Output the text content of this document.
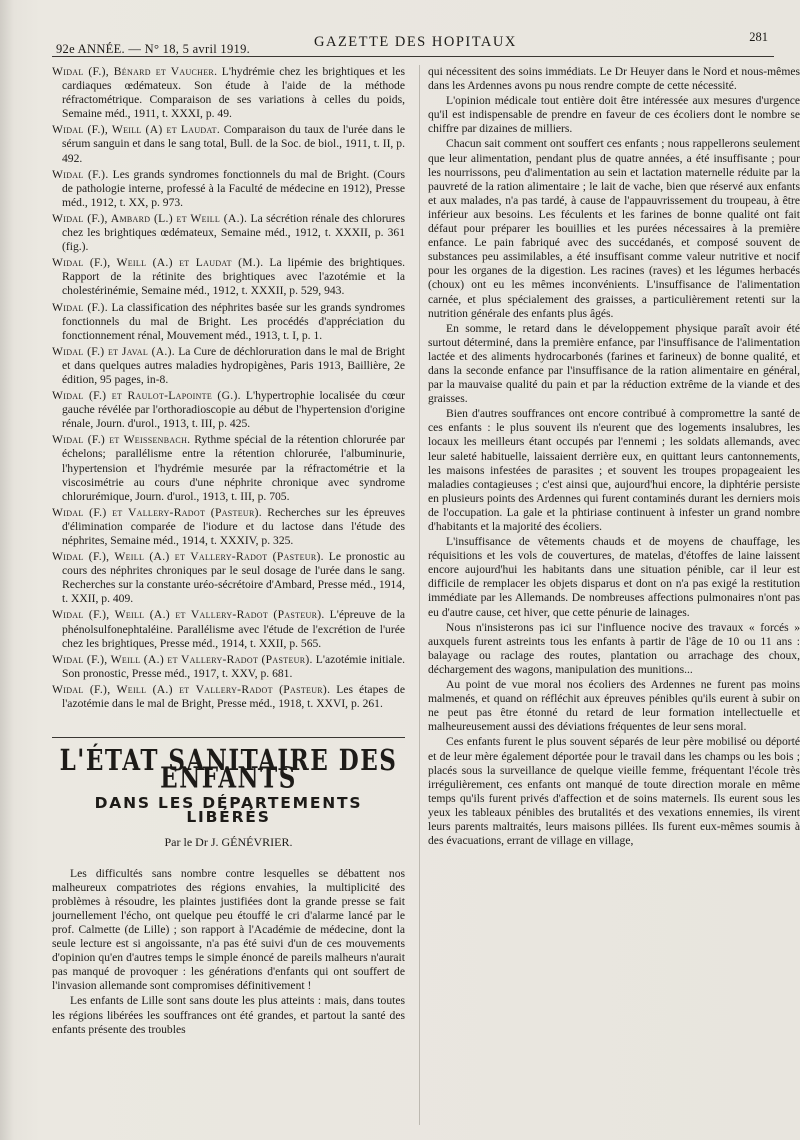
92e ANNÉE. — N° 18, 5 avril 1919.	GAZETTE DES HOPITAUX	281

Widal (F.), Bénard et Vaucher. L'hydrémie chez les brightiques et les cardiaques œdémateux. Son étude à l'aide de la méthode réfractométrique. Comparaison de ses variations à celles du poids, Semaine méd., 1911, t. XXXI, p. 49.

Widal (F.), Weill (A) et Laudat. Comparaison du taux de l'urée dans le sérum sanguin et dans le sang total, Bull. de la Soc. de biol., 1911, t. II, p. 492.

Widal (F.). Les grands syndromes fonctionnels du mal de Bright. (Cours de pathologie interne, professé à la Faculté de médecine en 1912), Presse méd., 1912, t. XX, p. 973.

Widal (F.), Ambard (L.) et Weill (A.). La sécrétion rénale des chlorures chez les brightiques œdémateux, Semaine méd., 1912, t. XXXII, p. 361 (fig.).

Widal (F.), Weill (A.) et Laudat (M.). La lipémie des brightiques. Rapport de la rétinite des brightiques avec l'azotémie et la cholestérinémie, Semaine méd., 1912, t. XXXII, p. 529, 943.

Widal (F.). La classification des néphrites basée sur les grands syndromes fonctionnels du mal de Bright. Les procédés d'appréciation du fonctionnement rénal, Mouvement méd., 1913, t. I, p. 1.

Widal (F.) et Javal (A.). La Cure de déchloruration dans le mal de Bright et dans quelques autres maladies hydropigènes, Paris 1913, Baillière, 2e édition, 95 pages, in-8.

Widal (F.) et Raulot-Lapointe (G.). L'hypertrophie localisée du cœur gauche révélée par l'orthoradioscopie au début de l'hypertension d'origine rénale, Journ. d'urol., 1913, t. III, p. 425.

Widal (F.) et Weissenbach. Rythme spécial de la rétention chlorurée par échelons; parallélisme entre la rétention chlorurée, l'albuminurie, l'hypertension et l'hydrémie mesurée par la réfractométrie et la viscosimétrie au cours d'une néphrite chronique avec syndrome chlorurémique, Journ. d'urol., 1913, t. III, p. 705.

Widal (F.) et Vallery-Radot (Pasteur). Recherches sur les épreuves d'élimination comparée de l'iodure et du lactose dans l'étude des néphrites, Semaine méd., 1914, t. XXXIV, p. 325.

Widal (F.), Weill (A.) et Vallery-Radot (Pasteur). Le pronostic au cours des néphrites chroniques par le seul dosage de l'urée dans le sang. Recherches sur la constante uréo-sécrétoire d'Ambard, Presse méd., 1914, t. XXII, p. 409.

Widal (F.), Weill (A.) et Vallery-Radot (Pasteur). L'épreuve de la phénolsulfonephtaléine. Parallélisme avec l'étude de l'excrétion de l'urée chez les brightiques, Presse méd., 1914, t. XXII, p. 565.

Widal (F.), Weill (A.) et Vallery-Radot (Pasteur). L'azotémie initiale. Son pronostic, Presse méd., 1917, t. XXV, p. 681.

Widal (F.), Weill (A.) et Vallery-Radot (Pasteur). Les étapes de l'azotémie dans le mal de Bright, Presse méd., 1918, t. XXVI, p. 261.

L'ÉTAT SANITAIRE DES ENFANTS
DANS LES DÉPARTEMENTS LIBÉRÉS
Par le Dr J. GÉNÉVRIER.

Les difficultés sans nombre contre lesquelles se débattent nos malheureux compatriotes des régions envahies, la multiplicité des problèmes à résoudre, les plaintes justifiées dont la grande presse se fait journellement l'écho, ont quelque peu étouffé le cri d'alarme lancé par le prof. Calmette (de Lille) ; son rapport à l'Académie de médecine, dont la seule lecture est si angoissante, n'a pas été suivi d'un de ces mouvements d'opinion qu'en d'autres temps le simple énoncé de pareils malheurs n'aurait pas manqué de provoquer : les générations d'enfants qui ont souffert de l'invasion allemande sont compromises définitivement !

Les enfants de Lille sont sans doute les plus atteints : mais, dans toutes les régions libérées les souffrances ont été grandes, et partout la santé des enfants présente des troubles

qui nécessitent des soins immédiats. Le Dr Heuyer dans le Nord et nous-mêmes dans les Ardennes avons pu nous rendre compte de cette nécessité.

L'opinion médicale tout entière doit être intéressée aux mesures d'urgence qu'il est indispensable de prendre en faveur de ces écoliers dont le nombre se chiffre par dizaines de milliers.

Chacun sait comment ont souffert ces enfants ; nous rappellerons seulement que leur alimentation, pendant plus de quatre années, a été insuffisante ; pour les nourrissons, peu d'alimentation au sein et lactation maternelle réduite par la pauvreté de la ration alimentaire ; le lait de vache, bien que réservé aux enfants et aux malades, n'a pas tardé, à cause de l'appauvrissement du troupeau, à être inférieur aux besoins. Les féculents et les farines de bonne qualité ont fait défaut pour préparer les bouillies et les purées nécessaires à la première enfance. Le pain fabriqué avec des succédanés, et composé souvent de substances peu assimilables, a été insuffisant comme valeur nutritive et nocif pour les organes de la digestion. Les racines (raves) et les légumes herbacés (choux) ont eu les mêmes inconvénients. L'insuffisance de l'alimentation carnée, et plus spécialement des graisses, a particulièrement retenti sur la nutrition générale des enfants plus âgés.

En somme, le retard dans le développement physique paraît avoir été surtout déterminé, dans la première enfance, par l'insuffisance de l'alimentation lactée et des aliments hydrocarbonés (farines et farineux) de bonne qualité, et dans la seconde enfance par l'insuffisance de la ration alimentaire en général, par la mauvaise qualité du pain et par la réduction extrême de la viande et des graisses.

Bien d'autres souffrances ont encore contribué à compromettre la santé de ces enfants : le plus souvent ils n'eurent que des logements insalubres, les locaux les meilleurs étant occupés par l'ennemi ; les soldats allemands, avec leur saleté habituelle, laissaient derrière eux, en quittant leurs cantonnements, les maisons infestées de parasites ; et souvent les troupes propageaient les maladies contagieuses ; c'est ainsi que, aujourd'hui encore, la diphtérie persiste en plusieurs points des Ardennes qui furent contaminés durant les derniers mois de l'occupation. La gale et la phtiriase continuent à infester un grand nombre d'habitants et la majorité des écoliers.

L'insuffisance de vêtements chauds et de moyens de chauffage, les réquisitions et les vols de couvertures, de matelas, d'étoffes de laine laissent encore aujourd'hui les habitants dans une situation pénible, car il leur est difficile de remplacer les objets disparus et dont on n'a pas exigé la restitution immédiate par les Allemands. De nombreuses affections pulmonaires n'ont pas eu d'autre cause, cet hiver, que cette pénurie de lainages.

Nous n'insisterons pas ici sur l'influence nocive des travaux « forcés » auxquels furent astreints tous les enfants à partir de l'âge de 10 ou 11 ans : balayage ou raclage des routes, plantation ou arrachage des choux, déchargement des wagons, manipulation des munitions...

Au point de vue moral nos écoliers des Ardennes ne furent pas moins malmenés, et quand on réfléchit aux épreuves pénibles qu'ils eurent à subir on ne peut pas être étonné du retard de leur formation intellectuelle et malheureusement aussi des déviations fréquentes de leur sens moral.

Ces enfants furent le plus souvent séparés de leur père mobilisé ou déporté et de leur mère également déportée pour le travail dans les champs ou les bois ; placés sous la surveillance de quelque vieille femme, fréquentant l'école très irrégulièrement, ces enfants ont manqué de toute direction morale en même temps qu'ils furent privés d'affection et de soins maternels. Ils eurent sous les yeux les tableaux pénibles des brutalités et des vexations ennemies, ils virent leurs parents maltraités, leurs maisons pillées. Ils furent eux-mêmes soumis à des évacuations, errant de village en village,
